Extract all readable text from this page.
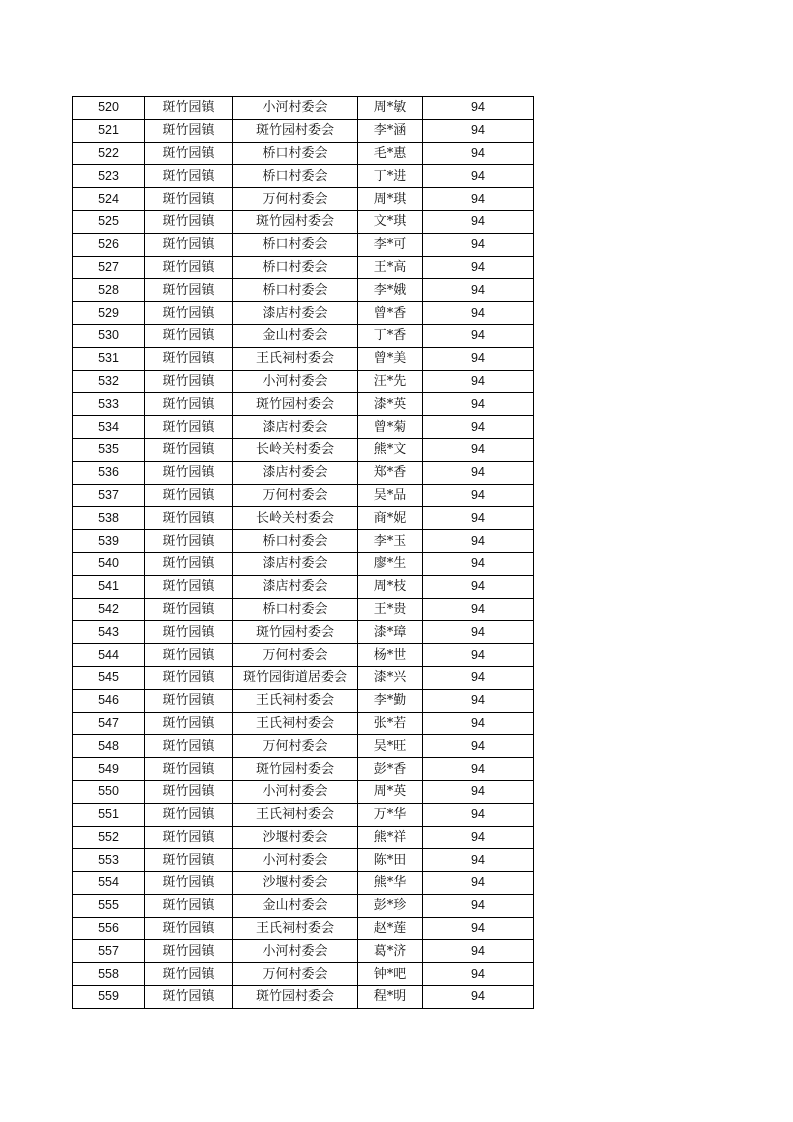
520	斑竹园镇	小河村委会	周*敏	94
521	斑竹园镇	斑竹园村委会	李*涵	94
522	斑竹园镇	桥口村委会	毛*惠	94
523	斑竹园镇	桥口村委会	丁*进	94
524	斑竹园镇	万何村委会	周*琪	94
525	斑竹园镇	斑竹园村委会	文*琪	94
526	斑竹园镇	桥口村委会	李*可	94
527	斑竹园镇	桥口村委会	王*高	94
528	斑竹园镇	桥口村委会	李*娥	94
529	斑竹园镇	漆店村委会	曾*香	94
530	斑竹园镇	金山村委会	丁*香	94
531	斑竹园镇	王氏祠村委会	曾*美	94
532	斑竹园镇	小河村委会	汪*先	94
533	斑竹园镇	斑竹园村委会	漆*英	94
534	斑竹园镇	漆店村委会	曾*菊	94
535	斑竹园镇	长岭关村委会	熊*文	94
536	斑竹园镇	漆店村委会	郑*香	94
537	斑竹园镇	万何村委会	吴*品	94
538	斑竹园镇	长岭关村委会	商*妮	94
539	斑竹园镇	桥口村委会	李*玉	94
540	斑竹园镇	漆店村委会	廖*生	94
541	斑竹园镇	漆店村委会	周*枝	94
542	斑竹园镇	桥口村委会	王*贵	94
543	斑竹园镇	斑竹园村委会	漆*璋	94
544	斑竹园镇	万何村委会	杨*世	94
545	斑竹园镇	斑竹园街道居委会	漆*兴	94
546	斑竹园镇	王氏祠村委会	李*勤	94
547	斑竹园镇	王氏祠村委会	张*若	94
548	斑竹园镇	万何村委会	吴*旺	94
549	斑竹园镇	斑竹园村委会	彭*香	94
550	斑竹园镇	小河村委会	周*英	94
551	斑竹园镇	王氏祠村委会	万*华	94
552	斑竹园镇	沙堰村委会	熊*祥	94
553	斑竹园镇	小河村委会	陈*田	94
554	斑竹园镇	沙堰村委会	熊*华	94
555	斑竹园镇	金山村委会	彭*珍	94
556	斑竹园镇	王氏祠村委会	赵*莲	94
557	斑竹园镇	小河村委会	葛*济	94
558	斑竹园镇	万何村委会	钟*吧	94
559	斑竹园镇	斑竹园村委会	程*明	94
